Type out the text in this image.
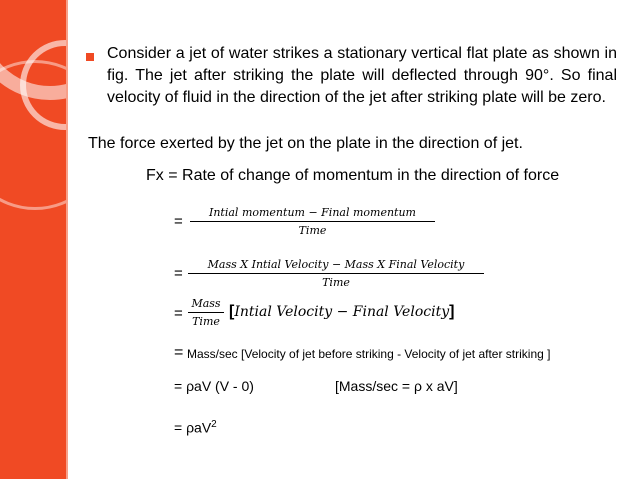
Consider a jet of water strikes a stationary vertical flat plate as shown in fig. The jet after striking the plate will deflected through 90°. So final velocity of fluid in the direction of the jet after striking plate will be zero.
The force exerted by the jet on the plate in the direction of jet.
Fx = Rate of change of momentum in the direction of force
=
Intial momentum − Final momentum
Time
=
Mass X Intial Velocity − Mass X Final Velocity
Time
=
Mass
Time
[Intial Velocity − Final Velocity]
= Mass/sec [Velocity of jet before striking - Velocity of jet after striking ]
= ρaV (V - 0)	[Mass/sec = ρ x aV]
= ρaV$^2$
